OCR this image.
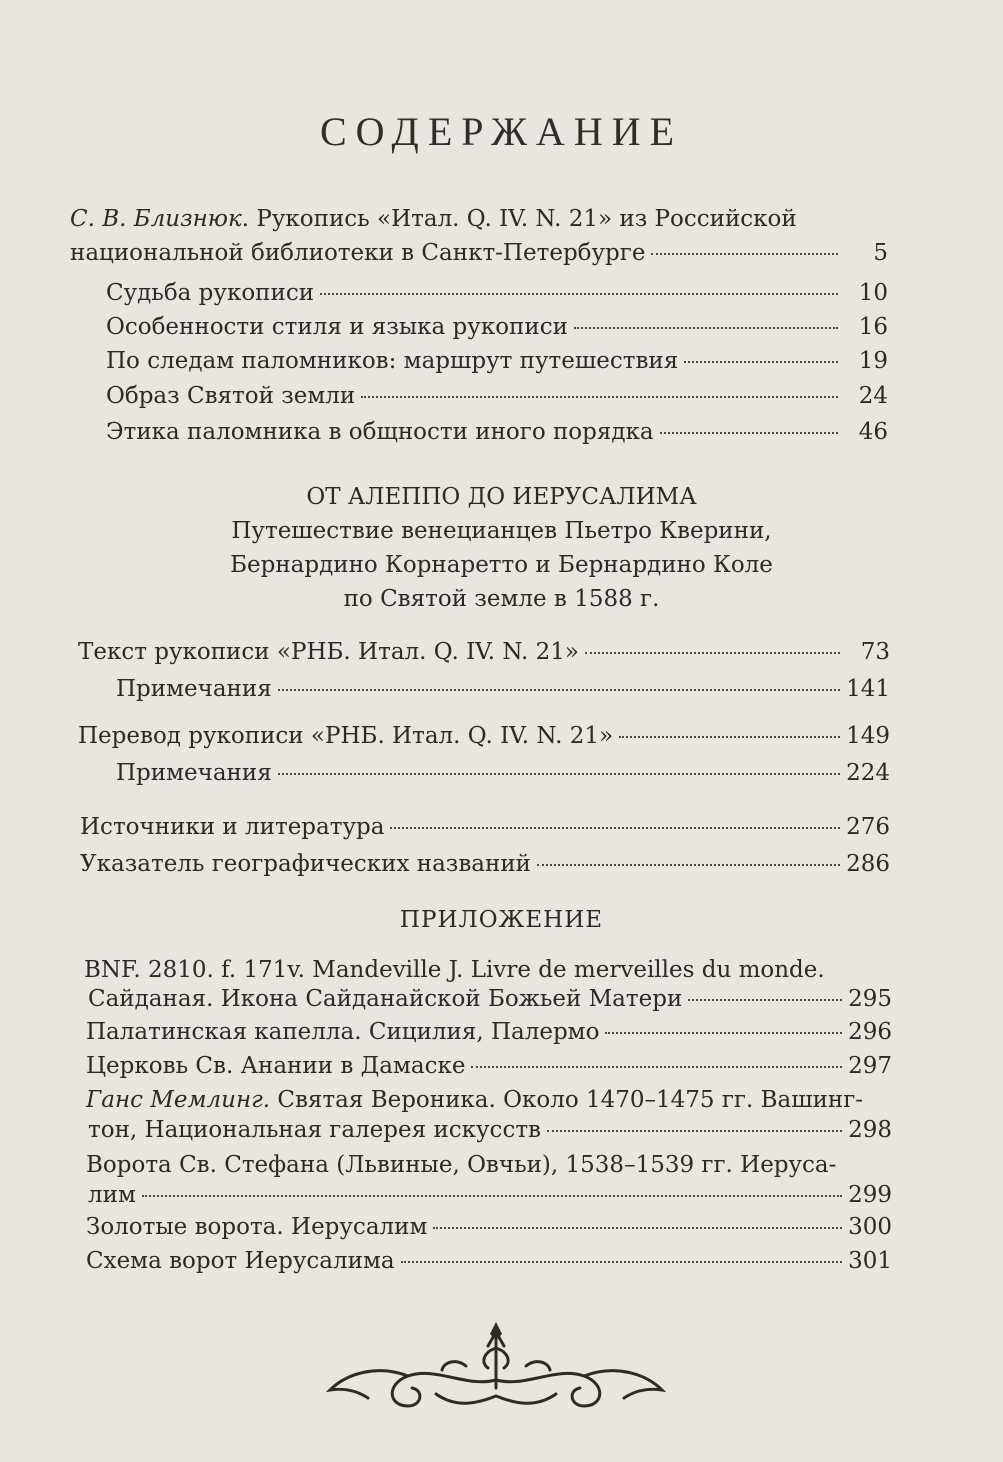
СОДЕРЖАНИЕ
С. В. Близнюк. Рукопись «Итал. Q. IV. N. 21» из Российской
национальной библиотеки в Санкт-Петербурге	5
Судьба рукописи	10
Особенности стиля и языка рукописи	16
По следам паломников: маршрут путешествия	19
Образ Святой земли	24
Этика паломника в общности иного порядка	46
ОТ АЛЕППО ДО ИЕРУСАЛИМА
Путешествие венецианцев Пьетро Кверини,
Бернардино Корнаретто и Бернардино Коле
по Святой земле в 1588 г.
Текст рукописи «РНБ. Итал. Q. IV. N. 21»	73
Примечания	141
Перевод рукописи «РНБ. Итал. Q. IV. N. 21»	149
Примечания	224
Источники и литература	276
Указатель географических названий	286
ПРИЛОЖЕНИЕ
BNF. 2810. f. 171v. Mandeville J. Livre de merveilles du monde.
Сайданая. Икона Сайданайской Божьей Матери	295
Палатинская капелла. Сицилия, Палермо	296
Церковь Св. Анании в Дамаске	297
Ганс Мемлинг. Святая Вероника. Около 1470–1475 гг. Вашинг-
тон, Национальная галерея искусств	298
Ворота Св. Стефана (Львиные, Овчьи), 1538–1539 гг. Иеруса-
лим	299
Золотые ворота. Иерусалим	300
Схема ворот Иерусалима	301
